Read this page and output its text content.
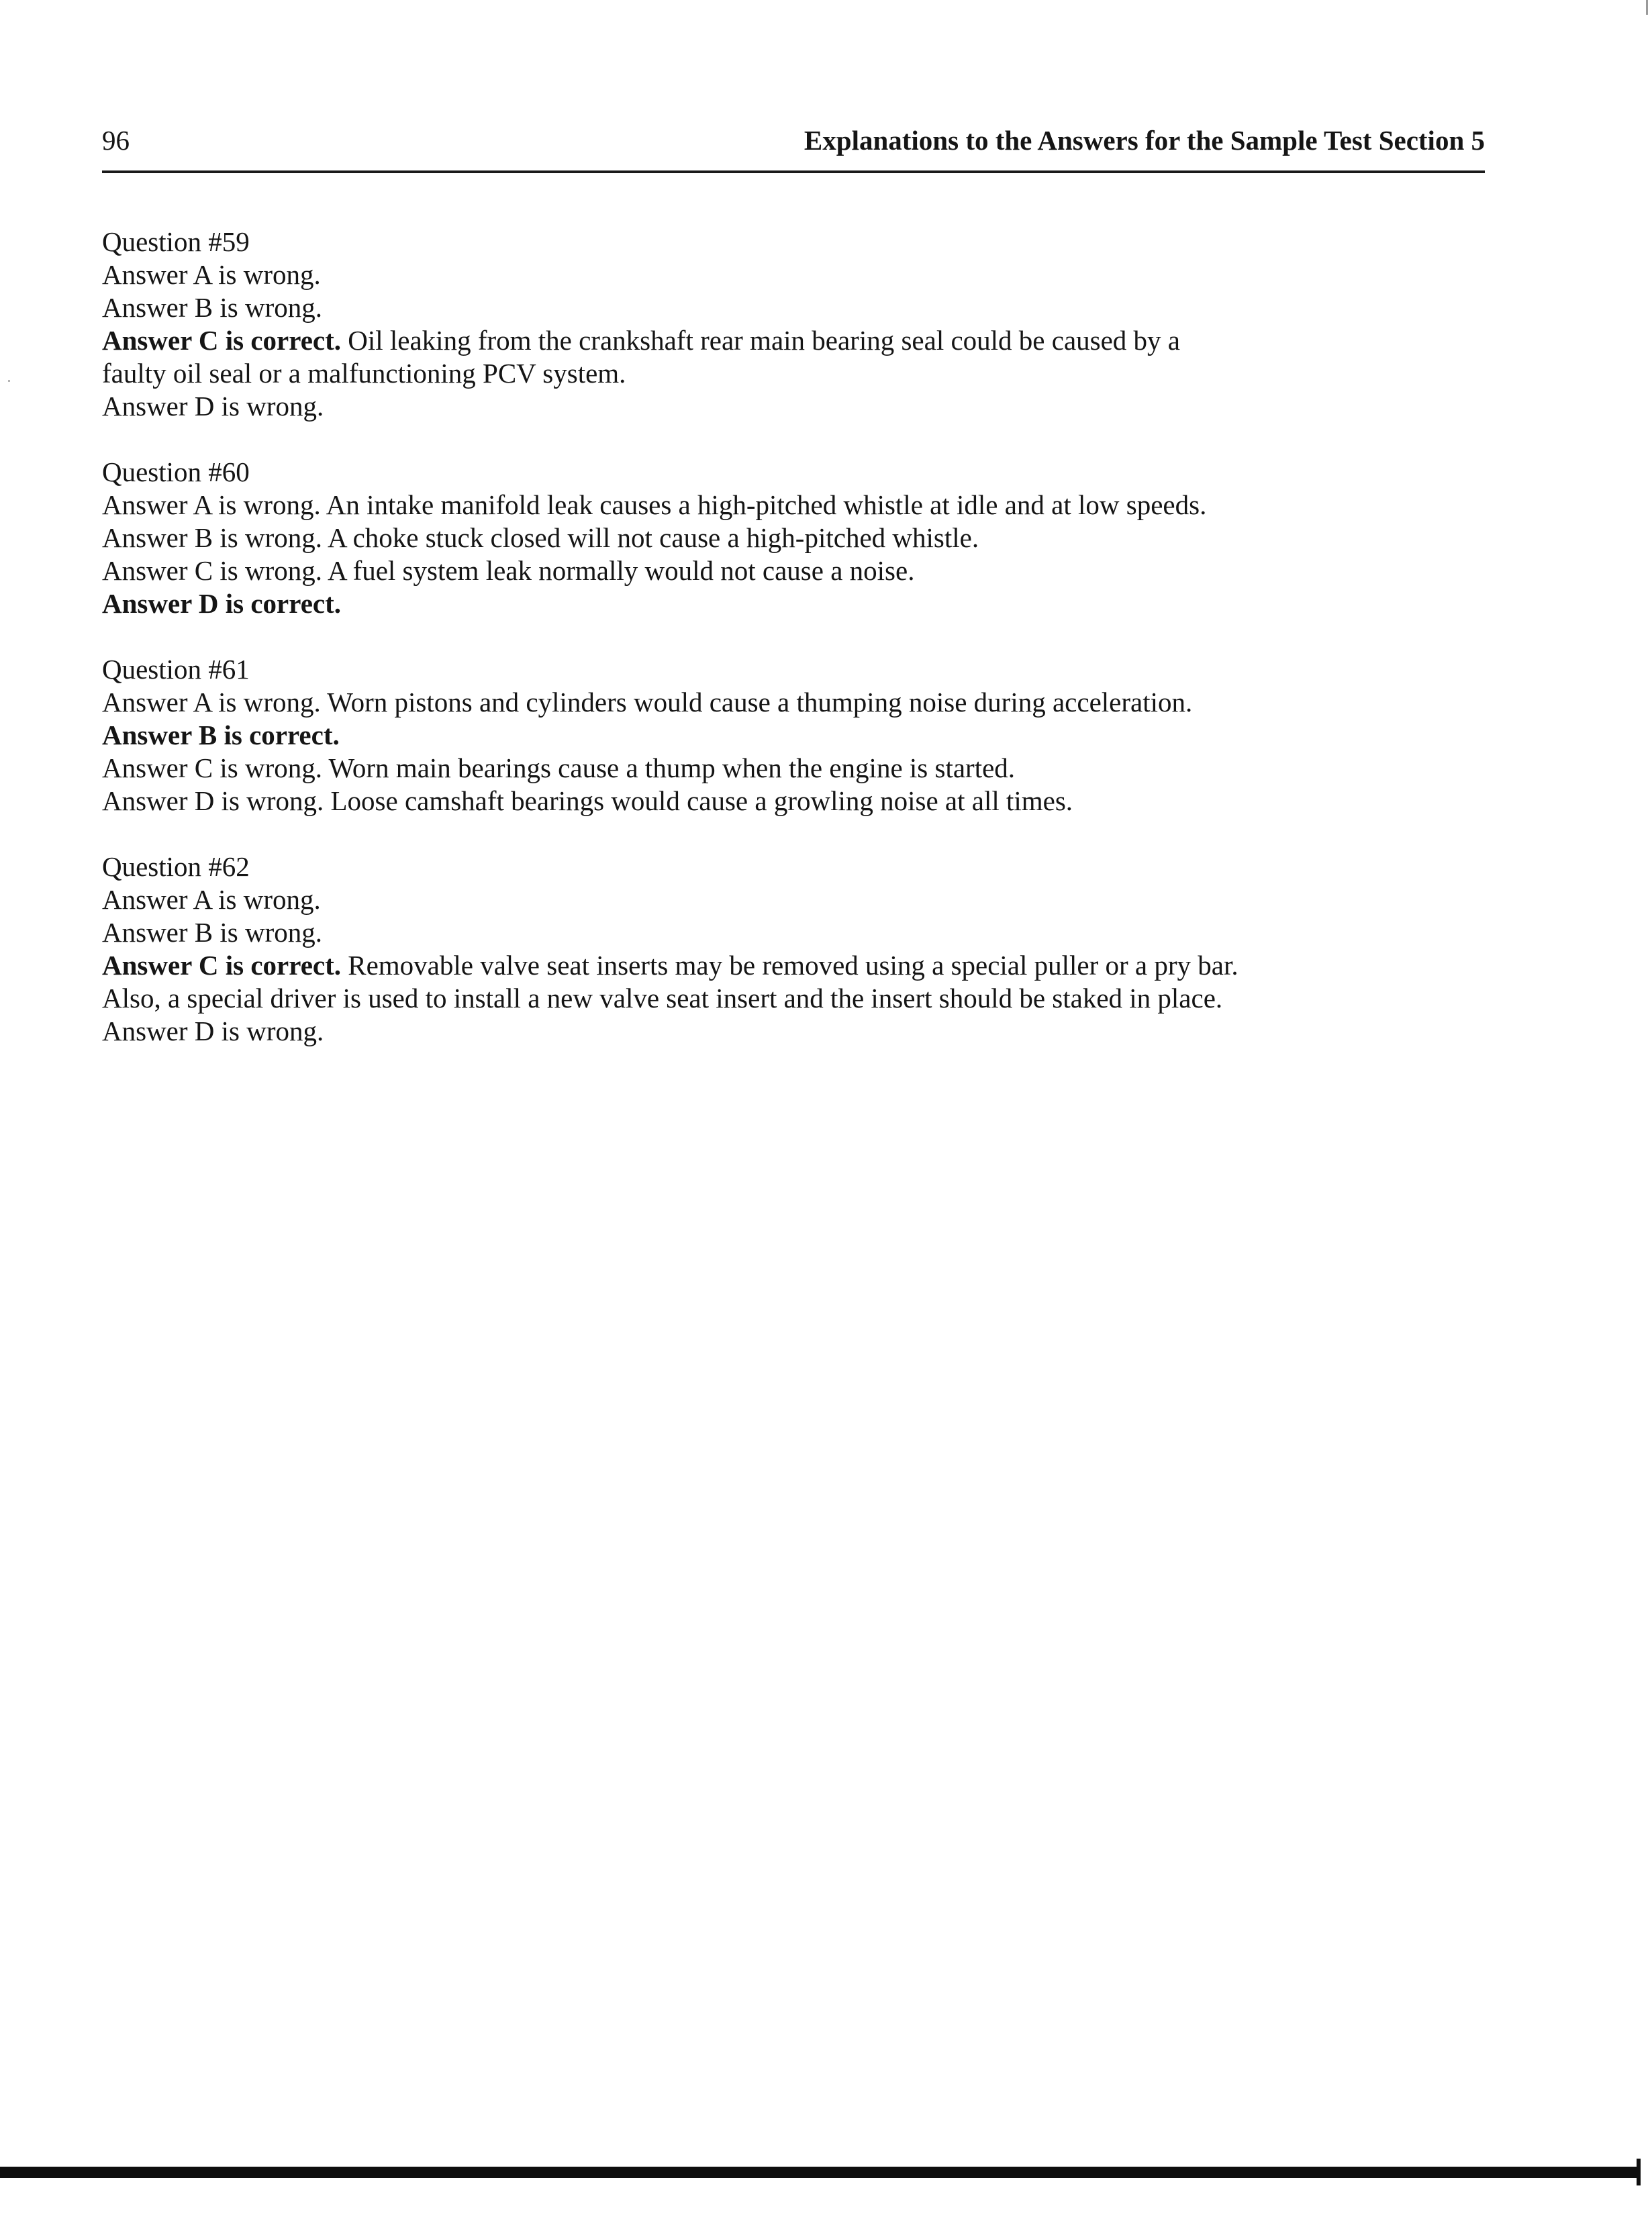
96	Explanations to the Answers for the Sample Test Section 5
Question #59
Answer A is wrong.
Answer B is wrong.
Answer C is correct. Oil leaking from the crankshaft rear main bearing seal could be caused by a
faulty oil seal or a malfunctioning PCV system.
Answer D is wrong.
Question #60
Answer A is wrong. An intake manifold leak causes a high-pitched whistle at idle and at low speeds.
Answer B is wrong. A choke stuck closed will not cause a high-pitched whistle.
Answer C is wrong. A fuel system leak normally would not cause a noise.
Answer D is correct.
Question #61
Answer A is wrong. Worn pistons and cylinders would cause a thumping noise during acceleration.
Answer B is correct.
Answer C is wrong. Worn main bearings cause a thump when the engine is started.
Answer D is wrong. Loose camshaft bearings would cause a growling noise at all times.
Question #62
Answer A is wrong.
Answer B is wrong.
Answer C is correct. Removable valve seat inserts may be removed using a special puller or a pry bar.
Also, a special driver is used to install a new valve seat insert and the insert should be staked in place.
Answer D is wrong.
